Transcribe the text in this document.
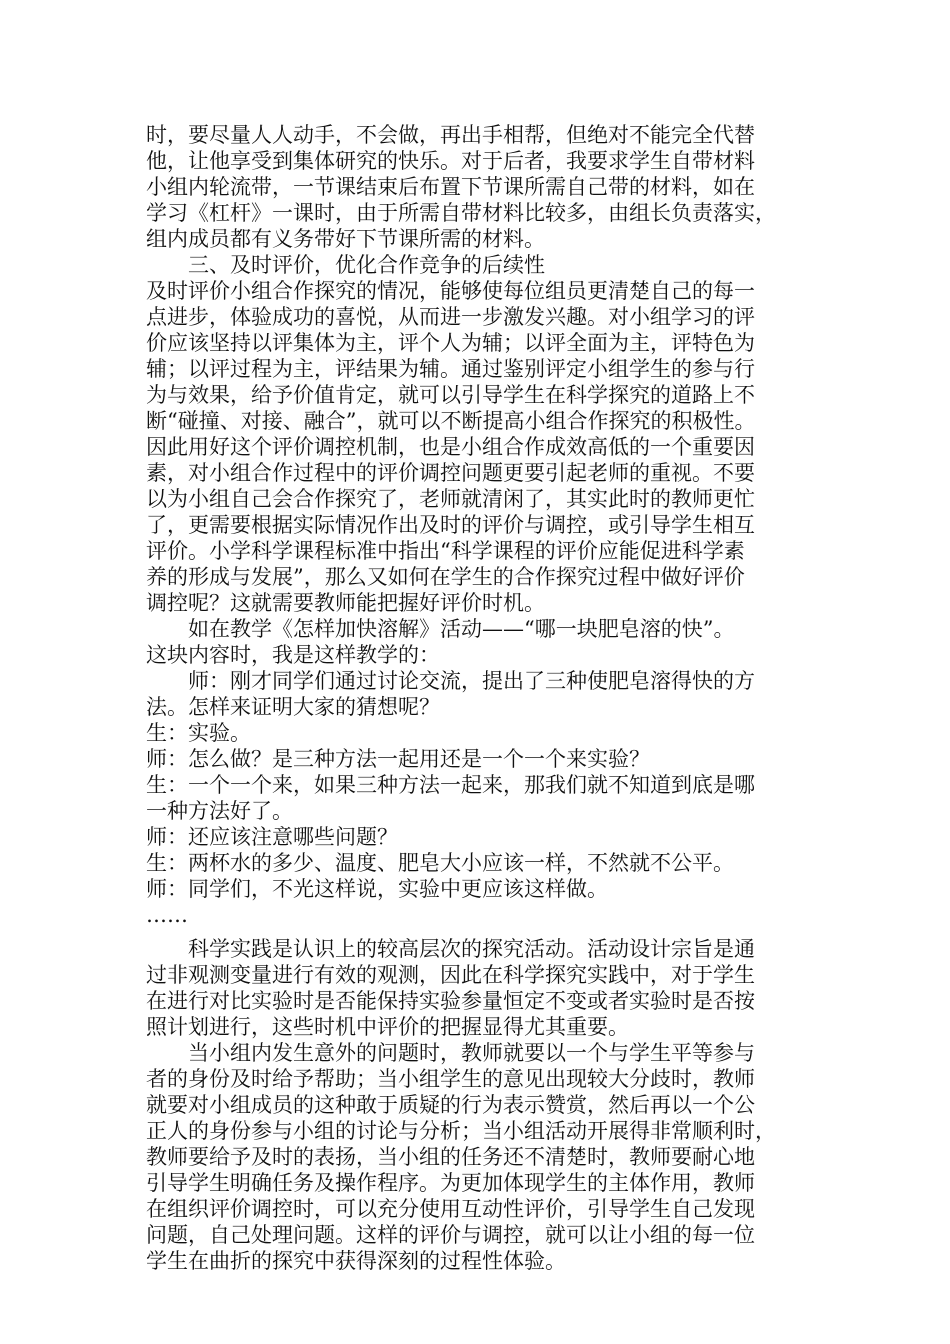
时，要尽量人人动手，不会做，再出手相帮，但绝对不能完全代替
他，让他享受到集体研究的快乐。对于后者，我要求学生自带材料
小组内轮流带，一节课结束后布置下节课所需自己带的材料，如在
学习《杠杆》一课时，由于所需自带材料比较多，由组长负责落实，
组内成员都有义务带好下节课所需的材料。
三、及时评价，优化合作竞争的后续性
及时评价小组合作探究的情况，能够使每位组员更清楚自己的每一
点进步，体验成功的喜悦，从而进一步激发兴趣。对小组学习的评
价应该坚持以评集体为主，评个人为辅；以评全面为主，评特色为
辅；以评过程为主，评结果为辅。通过鉴别评定小组学生的参与行
为与效果，给予价值肯定，就可以引导学生在科学探究的道路上不
断“碰撞、对接、融合”，就可以不断提高小组合作探究的积极性。
因此用好这个评价调控机制，也是小组合作成效高低的一个重要因
素，对小组合作过程中的评价调控问题更要引起老师的重视。不要
以为小组自己会合作探究了，老师就清闲了，其实此时的教师更忙
了，更需要根据实际情况作出及时的评价与调控，或引导学生相互
评价。小学科学课程标准中指出“科学课程的评价应能促进科学素
养的形成与发展”，那么又如何在学生的合作探究过程中做好评价
调控呢？这就需要教师能把握好评价时机。
如在教学《怎样加快溶解》活动——“哪一块肥皂溶的快”。
这块内容时，我是这样教学的：
师：刚才同学们通过讨论交流，提出了三种使肥皂溶得快的方
法。怎样来证明大家的猜想呢？
生：实验。
师：怎么做？是三种方法一起用还是一个一个来实验？
生：一个一个来，如果三种方法一起来，那我们就不知道到底是哪
一种方法好了。
师：还应该注意哪些问题？
生：两杯水的多少、温度、肥皂大小应该一样，不然就不公平。
师：同学们，不光这样说，实验中更应该这样做。
……
科学实践是认识上的较高层次的探究活动。活动设计宗旨是通
过非观测变量进行有效的观测，因此在科学探究实践中，对于学生
在进行对比实验时是否能保持实验参量恒定不变或者实验时是否按
照计划进行，这些时机中评价的把握显得尤其重要。
当小组内发生意外的问题时，教师就要以一个与学生平等参与
者的身份及时给予帮助；当小组学生的意见出现较大分歧时，教师
就要对小组成员的这种敢于质疑的行为表示赞赏，然后再以一个公
正人的身份参与小组的讨论与分析；当小组活动开展得非常顺利时，
教师要给予及时的表扬，当小组的任务还不清楚时，教师要耐心地
引导学生明确任务及操作程序。为更加体现学生的主体作用，教师
在组织评价调控时，可以充分使用互动性评价，引导学生自己发现
问题，自己处理问题。这样的评价与调控，就可以让小组的每一位
学生在曲折的探究中获得深刻的过程性体验。
